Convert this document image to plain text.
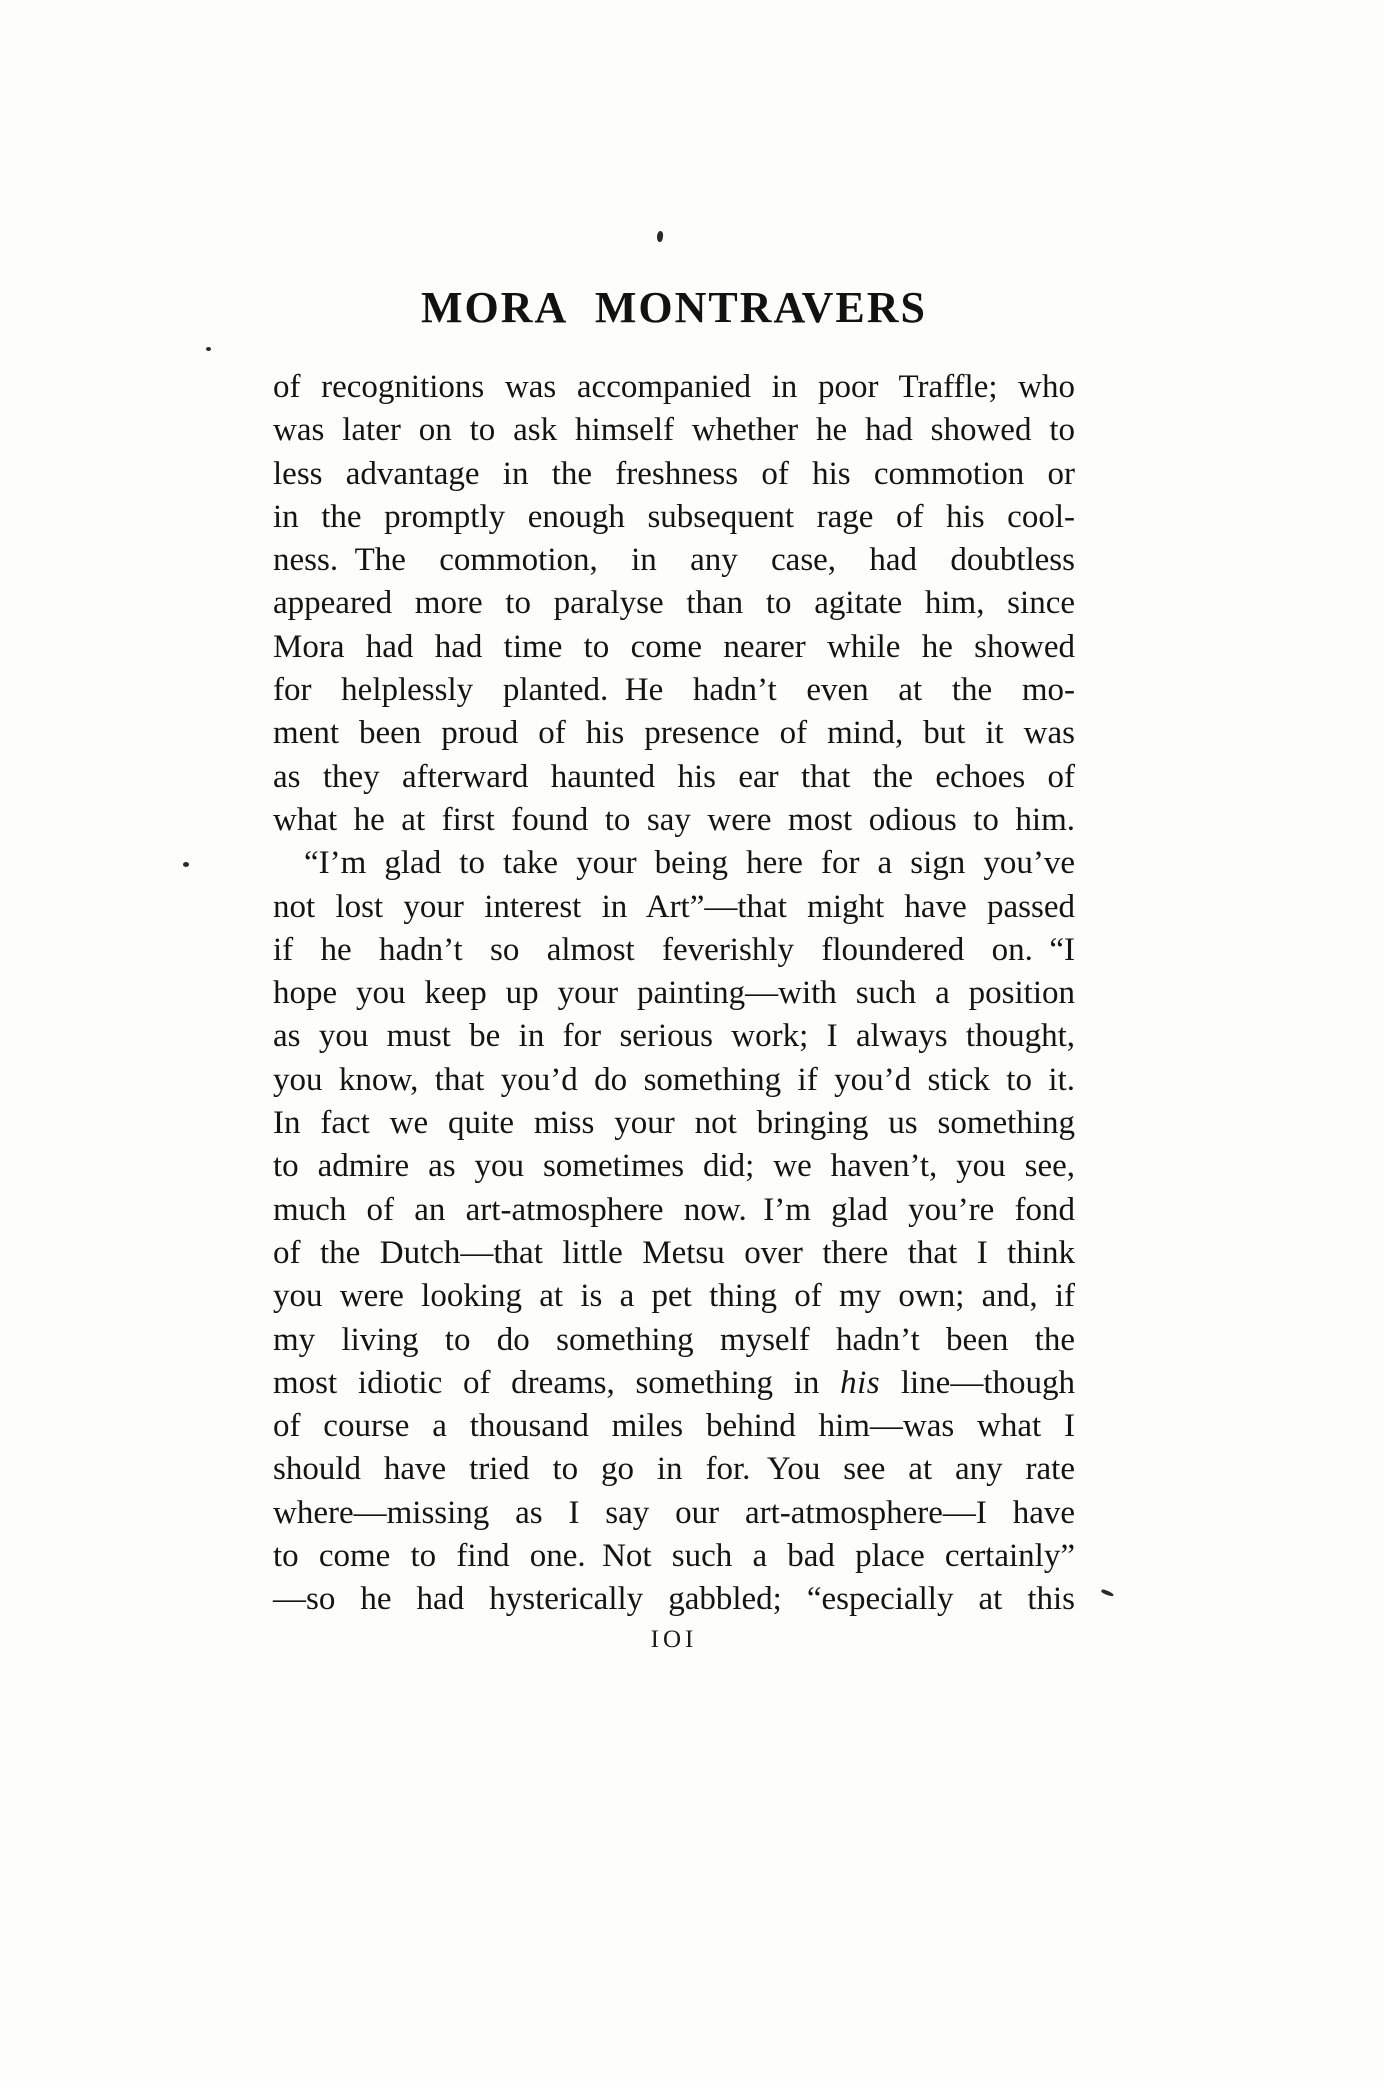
MORA MONTRAVERS
of recognitions was accompanied in poor Traffle; who
was later on to ask himself whether he had showed to
less advantage in the freshness of his commotion or
in the promptly enough subsequent rage of his cool-
ness. The commotion, in any case, had doubtless
appeared more to paralyse than to agitate him, since
Mora had had time to come nearer while he showed
for helplessly planted. He hadn’t even at the mo-
ment been proud of his presence of mind, but it was
as they afterward haunted his ear that the echoes of
what he at first found to say were most odious to him.
“I’m glad to take your being here for a sign you’ve
not lost your interest in Art”—that might have passed
if he hadn’t so almost feverishly floundered on. “I
hope you keep up your painting—with such a position
as you must be in for serious work; I always thought,
you know, that you’d do something if you’d stick to it.
In fact we quite miss your not bringing us something
to admire as you sometimes did; we haven’t, you see,
much of an art-atmosphere now. I’m glad you’re fond
of the Dutch—that little Metsu over there that I think
you were looking at is a pet thing of my own; and, if
my living to do something myself hadn’t been the
most idiotic of dreams, something in his line—though
of course a thousand miles behind him—was what I
should have tried to go in for. You see at any rate
where—missing as I say our art-atmosphere—I have
to come to find one. Not such a bad place certainly”
—so he had hysterically gabbled; “especially at this
IOI
